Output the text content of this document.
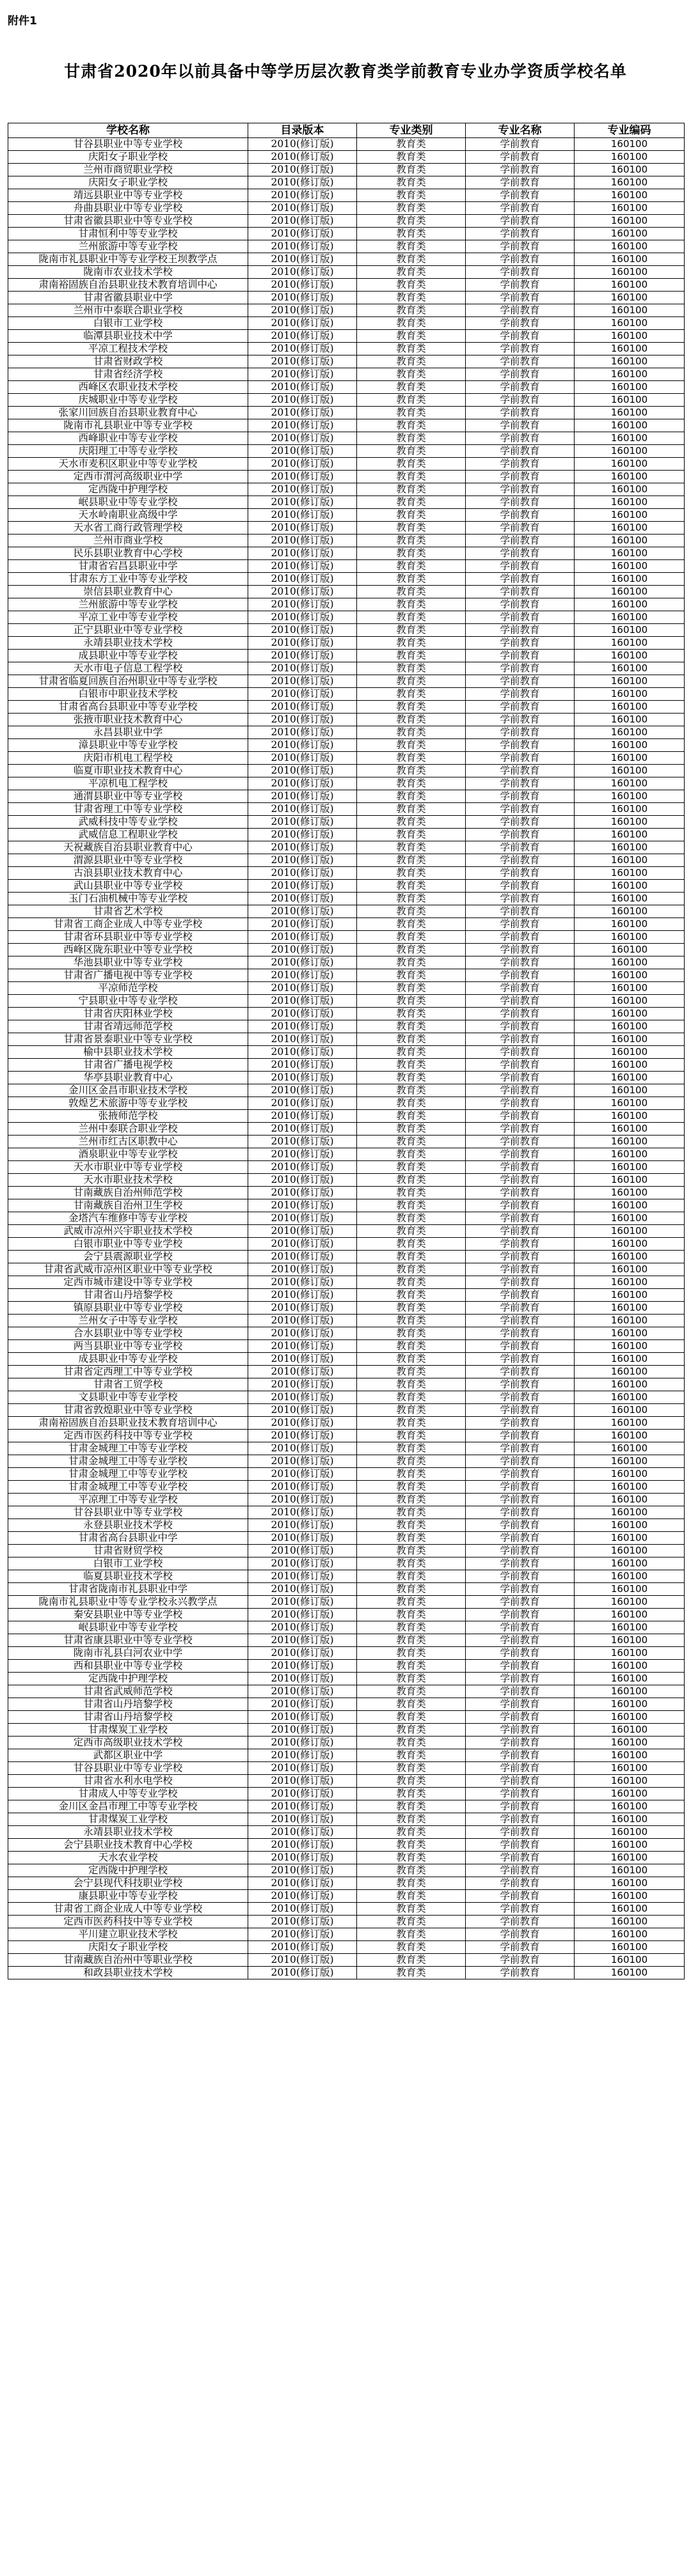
附件1
甘肃省2020年以前具备中等学历层次教育类学前教育专业办学资质学校名单
学校名称	目录版本	专业类别	专业名称	专业编码
甘谷县职业中等专业学校	2010(修订版)	教育类	学前教育	160100
庆阳女子职业学校	2010(修订版)	教育类	学前教育	160100
兰州市商贸职业学校	2010(修订版)	教育类	学前教育	160100
庆阳女子职业学校	2010(修订版)	教育类	学前教育	160100
靖远县职业中等专业学校	2010(修订版)	教育类	学前教育	160100
舟曲县职业中等专业学校	2010(修订版)	教育类	学前教育	160100
甘肃省徽县职业中等专业学校	2010(修订版)	教育类	学前教育	160100
甘肃恒利中等专业学校	2010(修订版)	教育类	学前教育	160100
兰州旅游中等专业学校	2010(修订版)	教育类	学前教育	160100
陇南市礼县职业中等专业学校王坝教学点	2010(修订版)	教育类	学前教育	160100
陇南市农业技术学校	2010(修订版)	教育类	学前教育	160100
肃南裕固族自治县职业技术教育培训中心	2010(修订版)	教育类	学前教育	160100
甘肃省徽县职业中学	2010(修订版)	教育类	学前教育	160100
兰州市中泰联合职业学校	2010(修订版)	教育类	学前教育	160100
白银市工业学校	2010(修订版)	教育类	学前教育	160100
临潭县职业技术中学	2010(修订版)	教育类	学前教育	160100
平凉工程技术学校	2010(修订版)	教育类	学前教育	160100
甘肃省财政学校	2010(修订版)	教育类	学前教育	160100
甘肃省经济学校	2010(修订版)	教育类	学前教育	160100
西峰区农职业技术学校	2010(修订版)	教育类	学前教育	160100
庆城职业中等专业学校	2010(修订版)	教育类	学前教育	160100
张家川回族自治县职业教育中心	2010(修订版)	教育类	学前教育	160100
陇南市礼县职业中等专业学校	2010(修订版)	教育类	学前教育	160100
西峰职业中等专业学校	2010(修订版)	教育类	学前教育	160100
庆阳理工中等专业学校	2010(修订版)	教育类	学前教育	160100
天水市麦积区职业中等专业学校	2010(修订版)	教育类	学前教育	160100
定西市渭河高级职业中学	2010(修订版)	教育类	学前教育	160100
定西陇中护理学校	2010(修订版)	教育类	学前教育	160100
岷县职业中等专业学校	2010(修订版)	教育类	学前教育	160100
天水岭南职业高级中学	2010(修订版)	教育类	学前教育	160100
天水省工商行政管理学校	2010(修订版)	教育类	学前教育	160100
兰州市商业学校	2010(修订版)	教育类	学前教育	160100
民乐县职业教育中心学校	2010(修订版)	教育类	学前教育	160100
甘肃省宕昌县职业中学	2010(修订版)	教育类	学前教育	160100
甘肃东方工业中等专业学校	2010(修订版)	教育类	学前教育	160100
崇信县职业教育中心	2010(修订版)	教育类	学前教育	160100
兰州旅游中等专业学校	2010(修订版)	教育类	学前教育	160100
平凉工业中等专业学校	2010(修订版)	教育类	学前教育	160100
正宁县职业中等专业学校	2010(修订版)	教育类	学前教育	160100
永靖县职业技术学校	2010(修订版)	教育类	学前教育	160100
成县职业中等专业学校	2010(修订版)	教育类	学前教育	160100
天水市电子信息工程学校	2010(修订版)	教育类	学前教育	160100
甘肃省临夏回族自治州职业中等专业学校	2010(修订版)	教育类	学前教育	160100
白银市中职业技术学校	2010(修订版)	教育类	学前教育	160100
甘肃省高台县职业中等专业学校	2010(修订版)	教育类	学前教育	160100
张掖市职业技术教育中心	2010(修订版)	教育类	学前教育	160100
永昌县职业中学	2010(修订版)	教育类	学前教育	160100
漳县职业中等专业学校	2010(修订版)	教育类	学前教育	160100
庆阳市机电工程学校	2010(修订版)	教育类	学前教育	160100
临夏市职业技术教育中心	2010(修订版)	教育类	学前教育	160100
平凉机电工程学校	2010(修订版)	教育类	学前教育	160100
通渭县职业中等专业学校	2010(修订版)	教育类	学前教育	160100
甘肃省理工中等专业学校	2010(修订版)	教育类	学前教育	160100
武威科技中等专业学校	2010(修订版)	教育类	学前教育	160100
武威信息工程职业学校	2010(修订版)	教育类	学前教育	160100
天祝藏族自治县职业教育中心	2010(修订版)	教育类	学前教育	160100
渭源县职业中等专业学校	2010(修订版)	教育类	学前教育	160100
古浪县职业技术教育中心	2010(修订版)	教育类	学前教育	160100
武山县职业中等专业学校	2010(修订版)	教育类	学前教育	160100
玉门石油机械中等专业学校	2010(修订版)	教育类	学前教育	160100
甘肃省艺术学校	2010(修订版)	教育类	学前教育	160100
甘肃省工商企业成人中等专业学校	2010(修订版)	教育类	学前教育	160100
甘肃省环县职业中等专业学校	2010(修订版)	教育类	学前教育	160100
西峰区陇东职业中等专业学校	2010(修订版)	教育类	学前教育	160100
华池县职业中等专业学校	2010(修订版)	教育类	学前教育	160100
甘肃省广播电视中等专业学校	2010(修订版)	教育类	学前教育	160100
平凉师范学校	2010(修订版)	教育类	学前教育	160100
宁县职业中等专业学校	2010(修订版)	教育类	学前教育	160100
甘肃省庆阳林业学校	2010(修订版)	教育类	学前教育	160100
甘肃省靖远师范学校	2010(修订版)	教育类	学前教育	160100
甘肃省景泰职业中等专业学校	2010(修订版)	教育类	学前教育	160100
榆中县职业技术学校	2010(修订版)	教育类	学前教育	160100
甘肃省广播电视学校	2010(修订版)	教育类	学前教育	160100
华亭县职业教育中心	2010(修订版)	教育类	学前教育	160100
金川区金昌市职业技术学校	2010(修订版)	教育类	学前教育	160100
敦煌艺术旅游中等专业学校	2010(修订版)	教育类	学前教育	160100
张掖师范学校	2010(修订版)	教育类	学前教育	160100
兰州中泰联合职业学校	2010(修订版)	教育类	学前教育	160100
兰州市红古区职教中心	2010(修订版)	教育类	学前教育	160100
酒泉职业中等专业学校	2010(修订版)	教育类	学前教育	160100
天水市职业中等专业学校	2010(修订版)	教育类	学前教育	160100
天水市职业技术学校	2010(修订版)	教育类	学前教育	160100
甘南藏族自治州师范学校	2010(修订版)	教育类	学前教育	160100
甘南藏族自治州卫生学校	2010(修订版)	教育类	学前教育	160100
金塔汽车维修中等专业学校	2010(修订版)	教育类	学前教育	160100
武威市凉州兴宇职业技术学校	2010(修订版)	教育类	学前教育	160100
白银市职业中等专业学校	2010(修订版)	教育类	学前教育	160100
会宁县震源职业学校	2010(修订版)	教育类	学前教育	160100
甘肃省武威市凉州区职业中等专业学校	2010(修订版)	教育类	学前教育	160100
定西市城市建设中等专业学校	2010(修订版)	教育类	学前教育	160100
甘肃省山丹培黎学校	2010(修订版)	教育类	学前教育	160100
镇原县职业中等专业学校	2010(修订版)	教育类	学前教育	160100
兰州女子中等专业学校	2010(修订版)	教育类	学前教育	160100
合水县职业中等专业学校	2010(修订版)	教育类	学前教育	160100
两当县职业中等专业学校	2010(修订版)	教育类	学前教育	160100
成县职业中等专业学校	2010(修订版)	教育类	学前教育	160100
甘肃省定西理工中等专业学校	2010(修订版)	教育类	学前教育	160100
甘肃省工贸学校	2010(修订版)	教育类	学前教育	160100
文县职业中等专业学校	2010(修订版)	教育类	学前教育	160100
甘肃省敦煌职业中等专业学校	2010(修订版)	教育类	学前教育	160100
肃南裕固族自治县职业技术教育培训中心	2010(修订版)	教育类	学前教育	160100
定西市医药科技中等专业学校	2010(修订版)	教育类	学前教育	160100
甘肃金城理工中等专业学校	2010(修订版)	教育类	学前教育	160100
甘肃金城理工中等专业学校	2010(修订版)	教育类	学前教育	160100
甘肃金城理工中等专业学校	2010(修订版)	教育类	学前教育	160100
甘肃金城理工中等专业学校	2010(修订版)	教育类	学前教育	160100
平凉理工中等专业学校	2010(修订版)	教育类	学前教育	160100
甘谷县职业中等专业学校	2010(修订版)	教育类	学前教育	160100
永登县职业技术学校	2010(修订版)	教育类	学前教育	160100
甘肃省高台县职业中学	2010(修订版)	教育类	学前教育	160100
甘肃省财贸学校	2010(修订版)	教育类	学前教育	160100
白银市工业学校	2010(修订版)	教育类	学前教育	160100
临夏县职业技术学校	2010(修订版)	教育类	学前教育	160100
甘肃省陇南市礼县职业中学	2010(修订版)	教育类	学前教育	160100
陇南市礼县职业中等专业学校永兴教学点	2010(修订版)	教育类	学前教育	160100
秦安县职业中等专业学校	2010(修订版)	教育类	学前教育	160100
岷县职业中等专业学校	2010(修订版)	教育类	学前教育	160100
甘肃省康县职业中等专业学校	2010(修订版)	教育类	学前教育	160100
陇南市礼县白河农业中学	2010(修订版)	教育类	学前教育	160100
西和县职业中等专业学校	2010(修订版)	教育类	学前教育	160100
定西陇中护理学校	2010(修订版)	教育类	学前教育	160100
甘肃省武威师范学校	2010(修订版)	教育类	学前教育	160100
甘肃省山丹培黎学校	2010(修订版)	教育类	学前教育	160100
甘肃省山丹培黎学校	2010(修订版)	教育类	学前教育	160100
甘肃煤炭工业学校	2010(修订版)	教育类	学前教育	160100
定西市高级职业技术学校	2010(修订版)	教育类	学前教育	160100
武都区职业中学	2010(修订版)	教育类	学前教育	160100
甘谷县职业中等专业学校	2010(修订版)	教育类	学前教育	160100
甘肃省水利水电学校	2010(修订版)	教育类	学前教育	160100
甘肃成人中等专业学校	2010(修订版)	教育类	学前教育	160100
金川区金昌市理工中等专业学校	2010(修订版)	教育类	学前教育	160100
甘肃煤炭工业学校	2010(修订版)	教育类	学前教育	160100
永靖县职业技术学校	2010(修订版)	教育类	学前教育	160100
会宁县职业技术教育中心学校	2010(修订版)	教育类	学前教育	160100
天水农业学校	2010(修订版)	教育类	学前教育	160100
定西陇中护理学校	2010(修订版)	教育类	学前教育	160100
会宁县现代科技职业学校	2010(修订版)	教育类	学前教育	160100
康县职业中等专业学校	2010(修订版)	教育类	学前教育	160100
甘肃省工商企业成人中等专业学校	2010(修订版)	教育类	学前教育	160100
定西市医药科技中等专业学校	2010(修订版)	教育类	学前教育	160100
平川建立职业技术学校	2010(修订版)	教育类	学前教育	160100
庆阳女子职业学校	2010(修订版)	教育类	学前教育	160100
甘南藏族自治州中等职业学校	2010(修订版)	教育类	学前教育	160100
和政县职业技术学校	2010(修订版)	教育类	学前教育	160100
